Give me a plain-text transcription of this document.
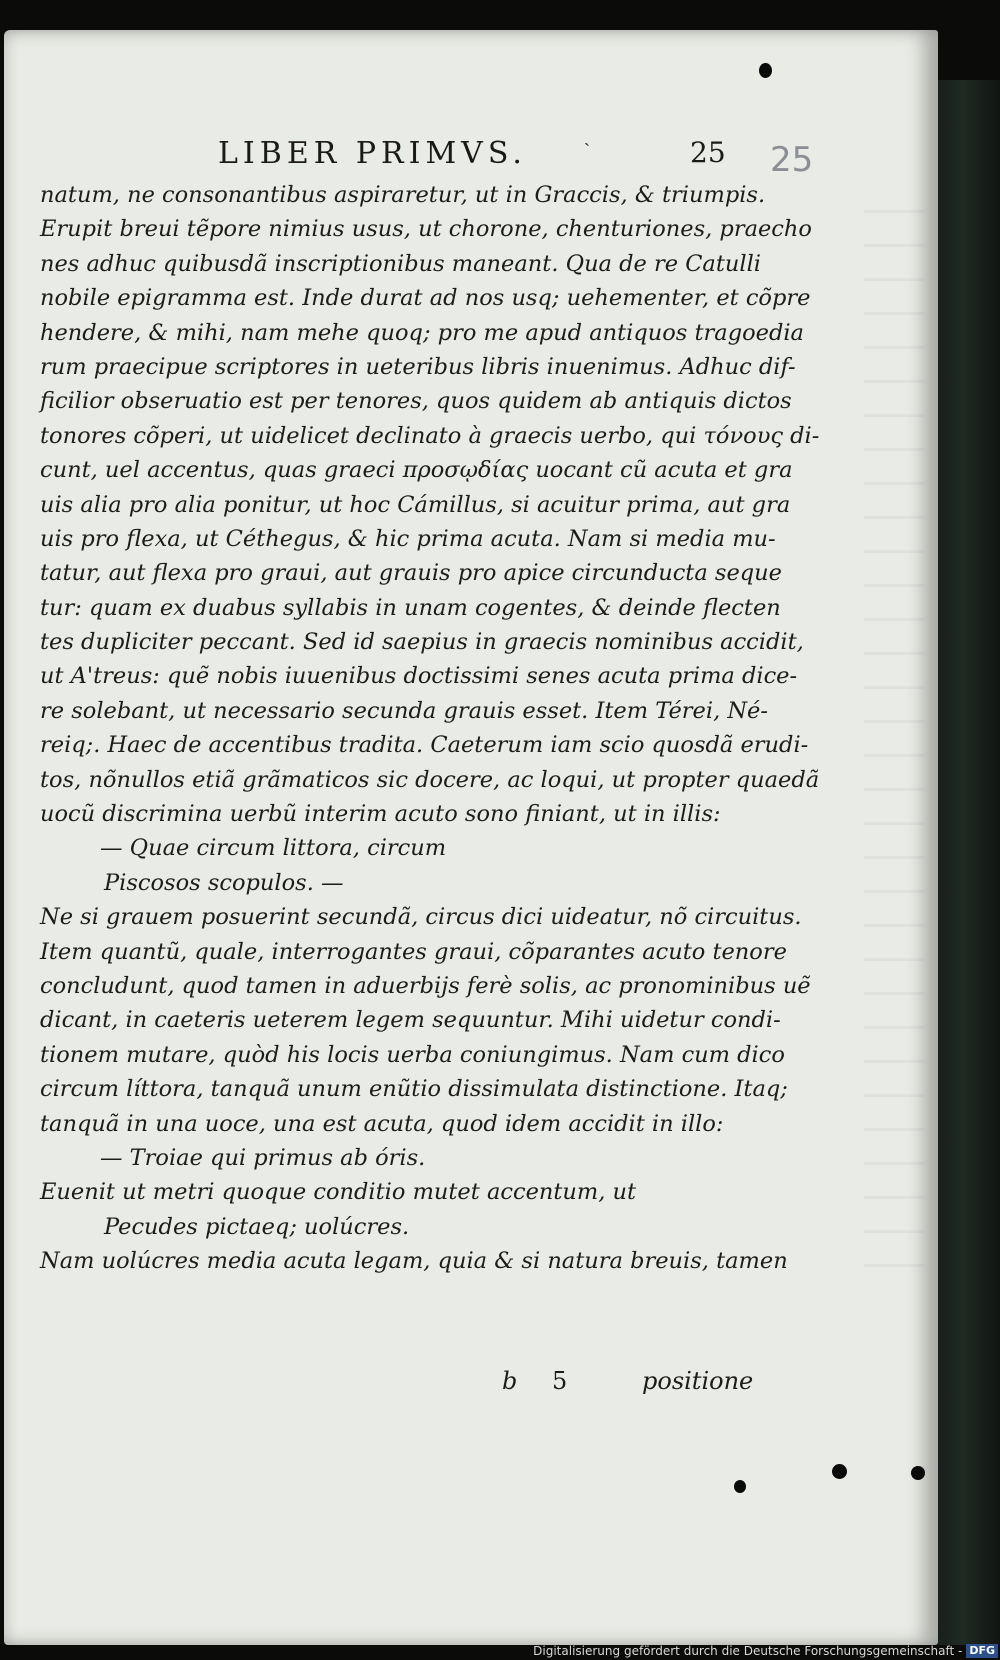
LIBER PRIMVS.	ˎ	25 25
natum, ne consonantibus aspiraretur, ut in Graccis, & triumpis.
Erupit breui tẽpore nimius usus, ut chorone, chenturiones, praecho
nes adhuc quibusdã inscriptionibus maneant. Qua de re Catulli
nobile epigramma est. Inde durat ad nos usq; uehementer, et cõpre
hendere, & mihi, nam mehe quoq; pro me apud antiquos tragoedia
rum praecipue scriptores in ueteribus libris inuenimus. Adhuc dif-
ficilior obseruatio est per tenores, quos quidem ab antiquis dictos
tonores cõperi, ut uidelicet declinato à graecis uerbo, qui τόνους di-
cunt, uel accentus, quas graeci προσῳδίας uocant cũ acuta et gra
uis alia pro alia ponitur, ut hoc Cámillus, si acuitur prima, aut gra
uis pro flexa, ut Céthegus, & hic prima acuta. Nam si media mu-
tatur, aut flexa pro graui, aut grauis pro apice circunducta seque
tur: quam ex duabus syllabis in unam cogentes, & deinde flecten
tes dupliciter peccant. Sed id saepius in graecis nominibus accidit,
ut A'treus: quẽ nobis iuuenibus doctissimi senes acuta prima dice-
re solebant, ut necessario secunda grauis esset. Item Térei, Né-
reiq;. Haec de accentibus tradita. Caeterum iam scio quosdã erudi-
tos, nõnullos etiã grãmaticos sic docere, ac loqui, ut propter quaedã
uocũ discrimina uerbũ interim acuto sono finiant, ut in illis:
— Quae circum littora, circum
Piscosos scopulos. —
Ne si grauem posuerint secundã, circus dici uideatur, nõ circuitus.
Item quantũ, quale, interrogantes graui, cõparantes acuto tenore
concludunt, quod tamen in aduerbijs ferè solis, ac pronominibus uẽ
dicant, in caeteris ueterem legem sequuntur. Mihi uidetur condi-
tionem mutare, quòd his locis uerba coniungimus. Nam cum dico
circum líttora, tanquã unum enũtio dissimulata distinctione. Itaq;
tanquã in una uoce, una est acuta, quod idem accidit in illo:
— Troiae qui primus ab óris.
Euenit ut metri quoque conditio mutet accentum, ut
Pecudes pictaeq; uolúcres.
Nam uolúcres media acuta legam, quia & si natura breuis, tamen
b 5	positione
Digitalisierung gefördert durch die Deutsche Forschungsgemeinschaft - DFG
